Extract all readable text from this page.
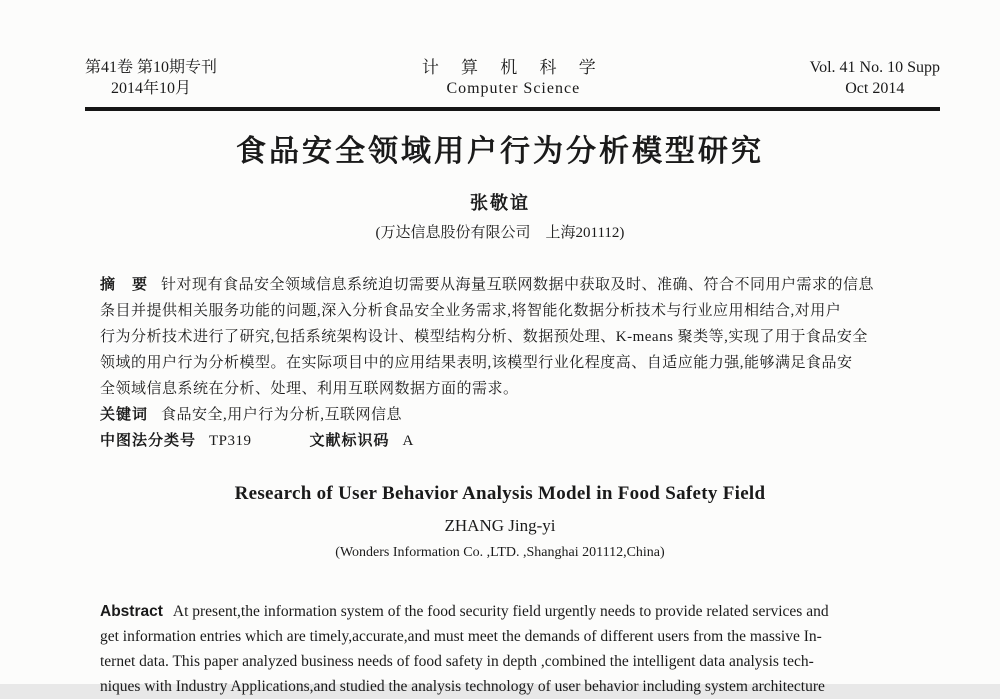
第41卷 第10期专刊
2014年10月
计 算 机 科 学
Computer Science
Vol. 41 No. 10 Supp
Oct 2014
食品安全领域用户行为分析模型研究
张敬谊
(万达信息股份有限公司　上海201112)
摘　要 针对现有食品安全领域信息系统迫切需要从海量互联网数据中获取及时、准确、符合不同用户需求的信息
条目并提供相关服务功能的问题,深入分析食品安全业务需求,将智能化数据分析技术与行业应用相结合,对用户
行为分析技术进行了研究,包括系统架构设计、模型结构分析、数据预处理、K-means 聚类等,实现了用于食品安全
领域的用户行为分析模型。在实际项目中的应用结果表明,该模型行业化程度高、自适应能力强,能够满足食品安
全领域信息系统在分析、处理、利用互联网数据方面的需求。
关键词 食品安全,用户行为分析,互联网信息
中图法分类号 TP319	文献标识码 A
Research of User Behavior Analysis Model in Food Safety Field
ZHANG Jing-yi
(Wonders Information Co. ,LTD. ,Shanghai 201112,China)
Abstract At present,the information system of the food security field urgently needs to provide related services and
get information entries which are timely,accurate,and must meet the demands of different users from the massive In-
ternet data. This paper analyzed business needs of food safety in depth ,combined the intelligent data analysis tech-
niques with Industry Applications,and studied the analysis technology of user behavior including system architecture
